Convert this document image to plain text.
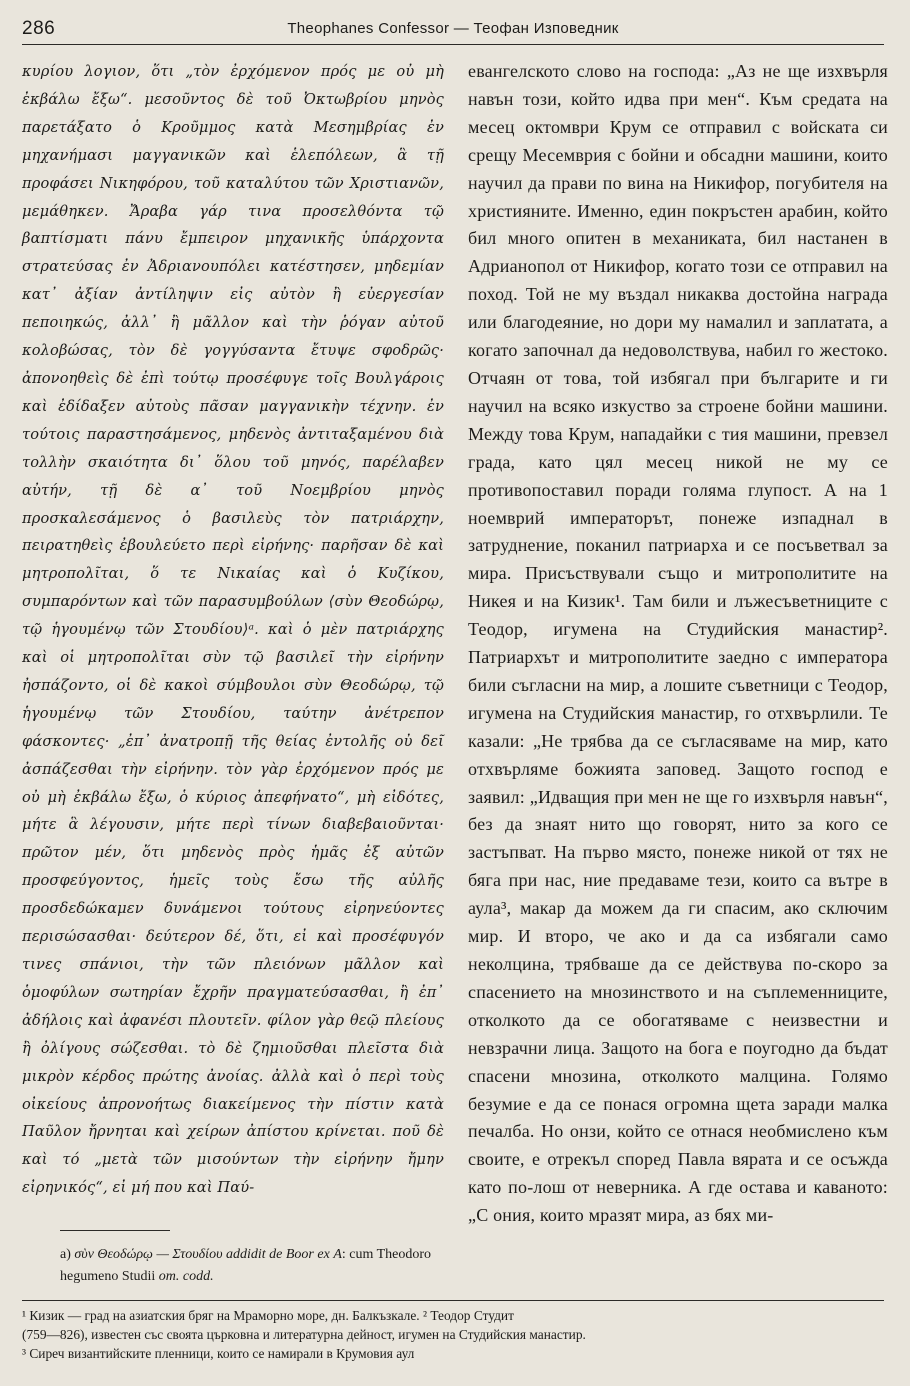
286	Theophanes Confessor — Теофан Изповедник

κυρίου λογιον, ὅτι „τὸν ἐρχόμενον πρός με οὐ μὴ ἐκβάλω ἔξω“. μεσοῦντος δὲ τοῦ Ὀκτωβρίου μηνὸς παρετάξατο ὁ Κροῦμμος κατὰ Μεσημβρίας ἐν μηχανήμασι μαγγανικῶν καὶ ἑλεπόλεων, ἃ τῇ προφάσει Νικηφόρου, τοῦ καταλύτου τῶν Χριστιανῶν, μεμάθηκεν. Ἄραβα γάρ τινα προσελθόντα τῷ βαπτίσματι πάνυ ἔμπειρον μηχανικῆς ὑπάρχοντα στρατεύσας ἐν Ἀδριανουπόλει κατέστησεν, μηδεμίαν κατ᾽ ἀξίαν ἀντίληψιν εἰς αὐτὸν ἢ εὐεργεσίαν πεποιηκώς, ἀλλ᾽ ἢ μᾶλλον καὶ τὴν ῥόγαν αὐτοῦ κολοβώσας, τὸν δὲ γογγύσαντα ἔτυψε σφοδρῶς· ἀπονοηθεὶς δὲ ἐπὶ τούτῳ προσέφυγε τοῖς Βουλγάροις καὶ ἐδίδαξεν αὐτοὺς πᾶσαν μαγγανικὴν τέχνην. ἐν τούτοις παραστησάμενος, μηδενὸς ἀντιταξαμένου διὰ τολλὴν σκαιότητα δι᾽ ὅλου τοῦ μηνός, παρέλαβεν αὐτήν, τῇ δὲ α᾽ τοῦ Νοεμβρίου μηνὸς προσκαλεσάμενος ὁ βασιλεὺς τὸν πατριάρχην, πειρατηθεὶς ἐβουλεύετο περὶ εἰρήνης· παρῆσαν δὲ καὶ μητροπολῖται, ὅ τε Νικαίας καὶ ὁ Κυζίκου, συμπαρόντων καὶ τῶν παρασυμβούλων ⟨σὺν Θεοδώρῳ, τῷ ἡγουμένῳ τῶν Στουδίου⟩ᵃ. καὶ ὁ μὲν πατριάρχης καὶ οἱ μητροπολῖται σὺν τῷ βασιλεῖ τὴν εἰρήνην ἠσπάζοντο, οἱ δὲ κακοὶ σύμβουλοι σὺν Θεοδώρῳ, τῷ ἡγουμένῳ τῶν Στουδίου, ταύτην ἀνέτρεπον φάσκοντες· „ἐπ᾽ ἀνατροπῇ τῆς θείας ἐντολῆς οὐ δεῖ ἀσπάζεσθαι τὴν εἰρήνην. τὸν γὰρ ἐρχόμενον πρός με οὐ μὴ ἐκβάλω ἔξω, ὁ κύριος ἀπεφήνατο“, μὴ εἰδότες, μήτε ἃ λέγουσιν, μήτε περὶ τίνων διαβεβαιοῦνται· πρῶτον μέν, ὅτι μηδενὸς πρὸς ἡμᾶς ἐξ αὐτῶν προσφεύγοντος, ἡμεῖς τοὺς ἔσω τῆς αὐλῆς προσδεδώκαμεν δυνάμενοι τούτους εἰρηνεύοντες περισώσασθαι· δεύτερον δέ, ὅτι, εἰ καὶ προσέφυγόν τινες σπάνιοι, τὴν τῶν πλειόνων μᾶλλον καὶ ὁμοφύλων σωτηρίαν ἔχρῆν πραγματεύσασθαι, ἢ ἐπ᾽ ἀδήλοις καὶ ἀφανέσι πλουτεῖν. φίλον γὰρ θεῷ πλείους ἢ ὀλίγους σώζεσθαι. τὸ δὲ ζημιοῦσθαι πλεῖστα διὰ μικρὸν κέρδος πρώτης ἀνοίας. ἀλλὰ καὶ ὁ περὶ τοὺς οἰκείους ἀπρονοήτως διακείμενος τὴν πίστιν κατὰ Παῦλον ἤρνηται καὶ χείρων ἀπίστου κρίνεται. ποῦ δὲ καὶ τό „μετὰ τῶν μισούντων τὴν εἰρήνην ἤμην εἰρηνικός“, εἰ μή που καὶ Παύ-

евангелското слово на господа: „Аз не ще изхвърля навън този, който идва при мен“. Към средата на месец октомври Крум се отправил с войската си срещу Месемврия с бойни и обсадни машини, които научил да прави по вина на Никифор, погубителя на християните. Именно, един покръстен арабин, който бил много опитен в механиката, бил настанен в Адрианопол от Никифор, когато този се отправил на поход. Той не му въздал никаква достойна награда или благодеяние, но дори му намалил и заплатата, а когато започнал да недоволствува, набил го жестоко. Отчаян от това, той избягал при българите и ги научил на всяко изкуство за строене бойни машини. Между това Крум, нападайки с тия машини, превзел града, като цял месец никой не му се противопоставил поради голяма глупост. А на 1 ноемврий императорът, понеже изпаднал в затруднение, поканил патриарха и се посъветвал за мира. Присъствували също и митрополитите на Никея и на Кизик¹. Там били и лъжесъветниците с Теодор, игумена на Студийския манастир². Патриархът и митрополитите заедно с императора били съгласни на мир, а лошите съветници с Теодор, игумена на Студийския манастир, го отхвърлили. Те казали: „Не трябва да се съгласяваме на мир, като отхвърляме божията заповед. Защото господ е заявил: „Идващия при мен не ще го изхвърля навън“, без да знаят нито що говорят, нито за кого се застъпват. На първо място, понеже никой от тях не бяга при нас, ние предаваме тези, които са вътре в аула³, макар да можем да ги спасим, ако сключим мир. И второ, че ако и да са избягали само неколцина, трябваше да се действува по-скоро за спасението на мнозинството и на съплеменниците, отколкото да се обогатяваме с неизвестни и невзрачни лица. Защото на бога е поугодно да бъдат спасени мнозина, отколкото малцина. Голямо безумие е да се понася огромна щета заради малка печалба. Но онзи, който се отнася необмислено към своите, е отрекъл според Павла вярата и се осъжда като по-лош от неверника. А где остава и каваното: „С ония, които мразят мира, аз бях ми-

a) σὺν Θεοδώρῳ — Στουδίου addidit de Boor ex A: cum Theodoro hegumeno Studii om. codd.

¹ Кизик — град на азиатския бряг на Мраморно море, дн. Балкъзкале. ² Теодор Студит
(759—826), известен със своята църковна и литературна дейност, игумен на Студийския манастир.
³ Сиреч византийските пленници, които се намирали в Крумовия аул
